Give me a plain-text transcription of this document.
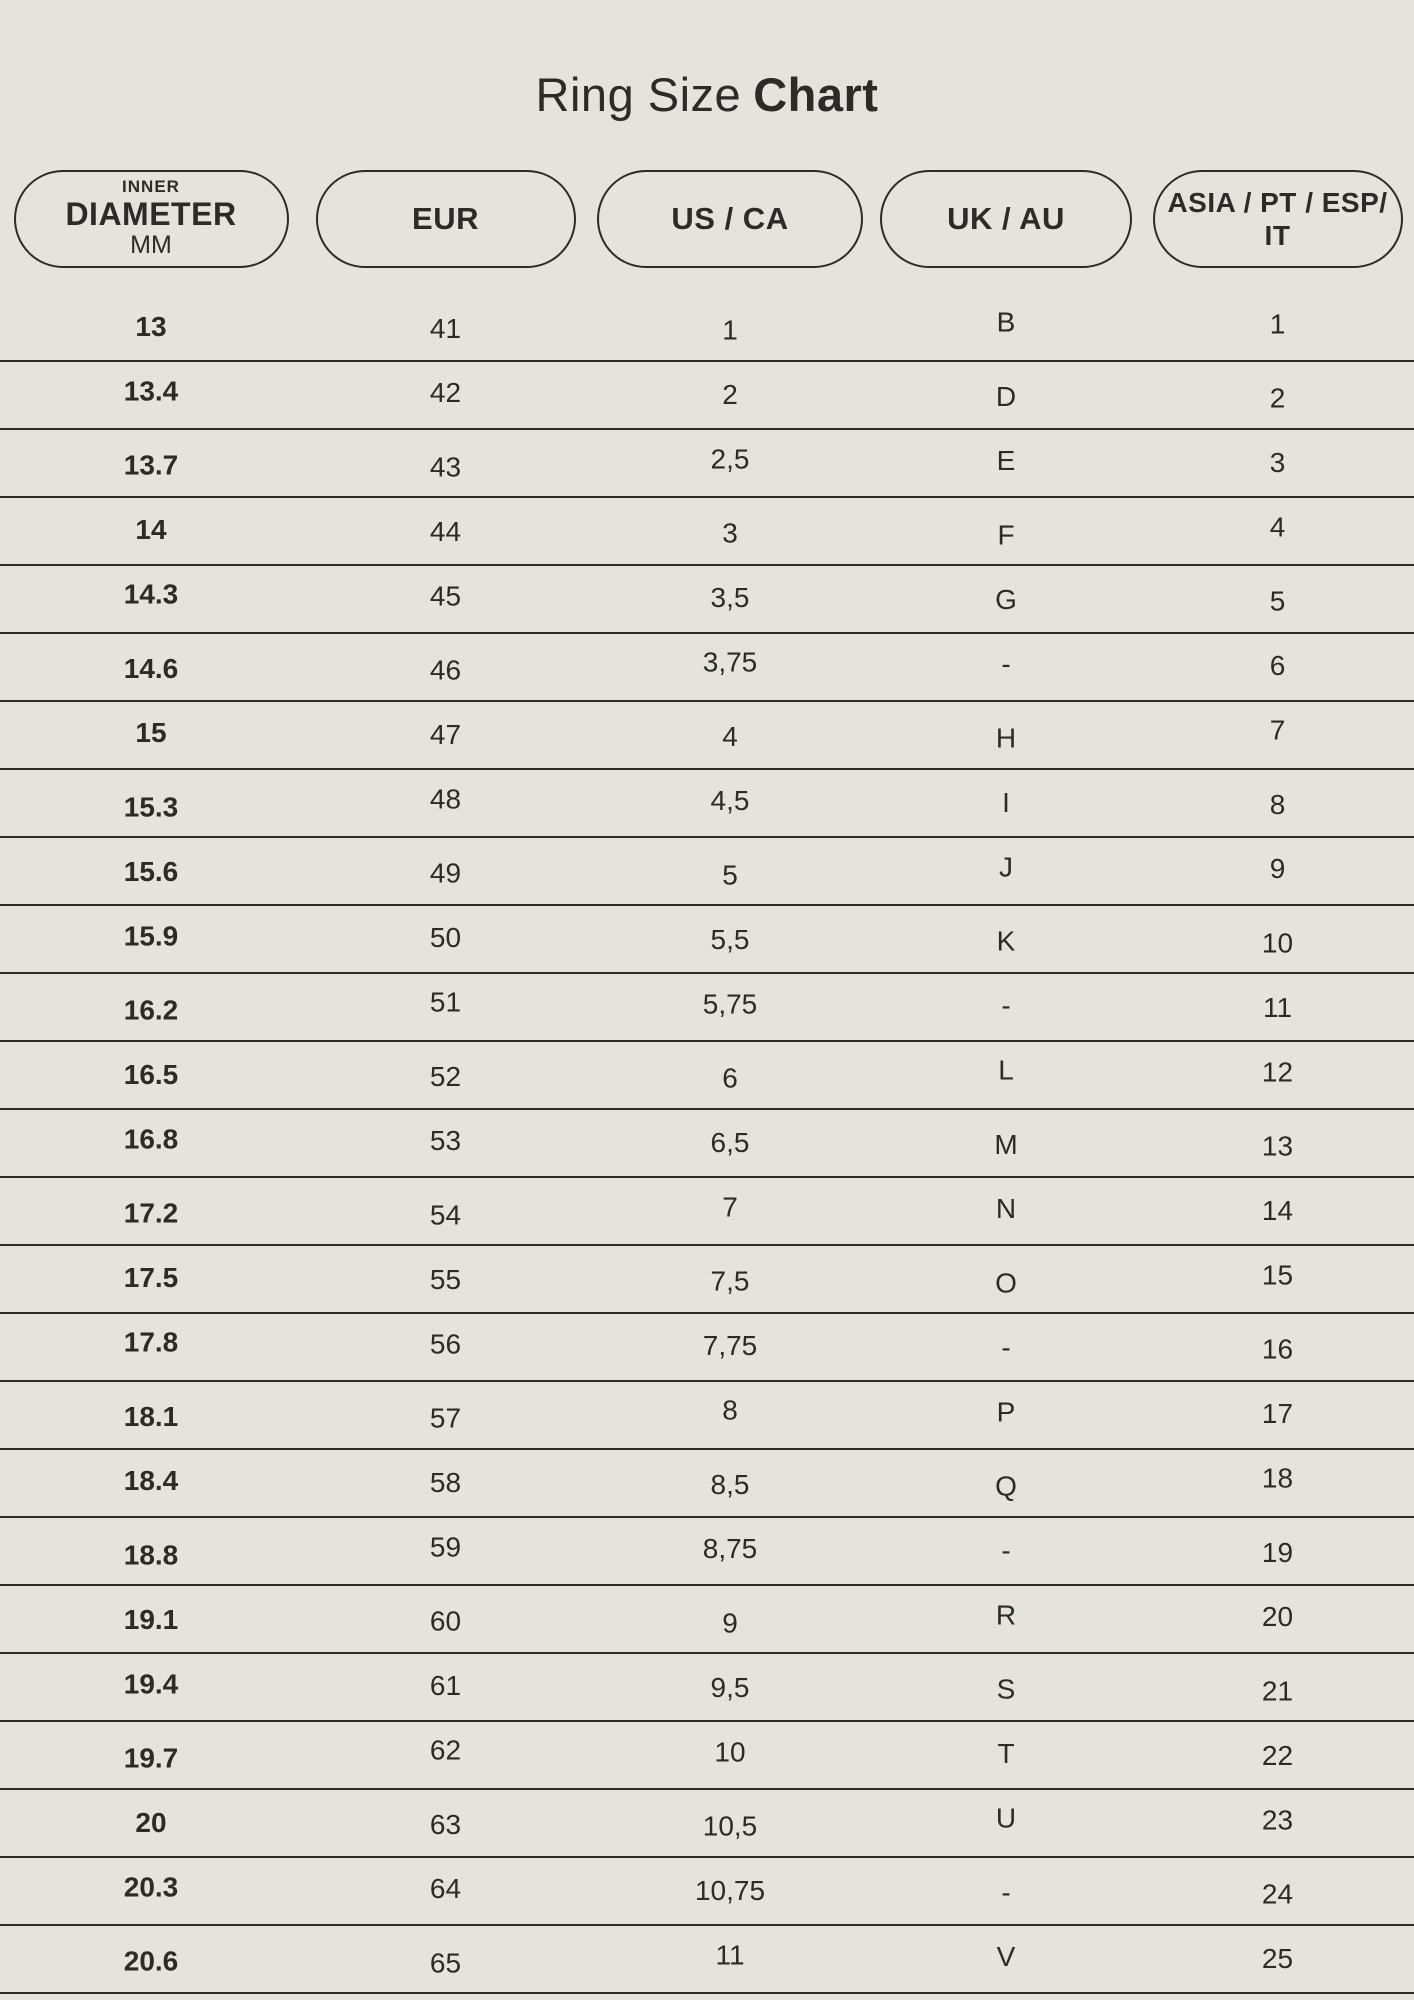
Ring Size Chart
INNER
DIAMETER
MM
EUR	US / CA	UK / AU	ASIA / PT / ESP/ IT
13	41	1	B	1
13.4	42	2	D	2
13.7	43	2,5	E	3
14	44	3	F	4
14.3	45	3,5	G	5
14.6	46	3,75	-	6
15	47	4	H	7
15.3	48	4,5	I	8
15.6	49	5	J	9
15.9	50	5,5	K	10
16.2	51	5,75	-	11
16.5	52	6	L	12
16.8	53	6,5	M	13
17.2	54	7	N	14
17.5	55	7,5	O	15
17.8	56	7,75	-	16
18.1	57	8	P	17
18.4	58	8,5	Q	18
18.8	59	8,75	-	19
19.1	60	9	R	20
19.4	61	9,5	S	21
19.7	62	10	T	22
20	63	10,5	U	23
20.3	64	10,75	-	24
20.6	65	11	V	25
